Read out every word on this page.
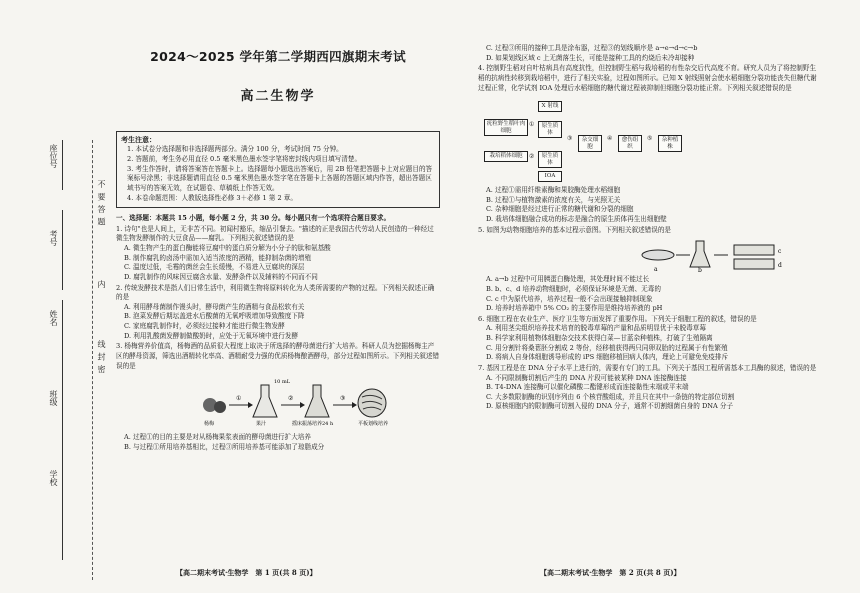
座位号
考号
姓名
班级
学校
不 要 答 题
内
线 封 密
2024～2025 学年第二学期西四旗期末考试
高二生物学
考生注意：
1. 本试卷分选择题和非选择题两部分。满分 100 分，考试时间 75 分钟。
2. 答题前，考生务必用直径 0.5 毫米黑色墨水签字笔将密封线内项目填写清楚。
3. 考生作答时，请将答案答在答题卡上。选择题每小题选出答案后，用 2B 铅笔把答题卡上对应题目的答案标号涂黑；非选择题请用直径 0.5 毫米黑色墨水签字笔在答题卡上各题的答题区域内作答，超出答题区域书写的答案无效，在试题卷、草稿纸上作答无效。
4. 本卷命题范围：人教版选择性必修 3＋必修 1 第 2 章。
一、选择题：本题共 15 小题，每小题 2 分，共 30 分。每小题只有一个选项符合题目要求。
1. 诗句"也是人间上，无非苦不同。初闻村豁乐，缩品引餐去。"描述的正是我国古代劳动人民创造的一种经过微生物发酵制作的大豆食品——腐乳。下列相关叙述错误的是
A. 微生物产生的蛋白酶能将豆腐中的蛋白质分解为小分子的肽和氨基酸
B. 制作腐乳的卤汤中需加入适当浓度的酒精，能抑制杂菌的增殖
C. 温度过低，毛霉的菌丝会生长缓慢，不易进入豆腐块的深层
D. 腐乳制作的风味因豆腐含水量、发酵条件以及辅料的不同而不同
2. 传统发酵技术是指人们日常生活中，利用微生物将原料转化为人类所需要的产物的过程。下列相关叙述正确的是
A. 利用酵母菌制作馒头时，酵母菌产生的酒精与食品松软有关
B. 泡菜发酵后期坛盖进水后酸菌的无氧呼吸增加导致酸度下降
C. 家庭腐乳制作时，必须经过接种才能进行微生物发酵
D. 利用乳酸菌发酵制做酸奶时，应处于无氧环境中进行发酵
3. 杨梅营养价值高，杨梅酒的品质很大程度上取决于所选择的酵母菌进行扩大培养。科研人员为挖掘杨梅主产区的酵母资源，筛选出酒精转化率高、酒精耐受力强的优质杨梅酿酒酵母，部分过程如图所示。下列相关叙述错误的是
①	②	③
杨梅	果汁
10 mL
摇床振荡培养24 h	平板划线培养
A. 过程①的目的主要是对从杨梅果浆表面的酵母菌进行扩大培养
B. 与过程①所用培养基相比，过程③所用培养基可能添加了琼脂成分
【高二期末考试·生物学　第 1 页(共 8 页)】
C. 过程③所用的接种工具是涂布器，过程③的划线顺序是 a→e→d→c→b
D. 如果划线区域 c 上无菌落生长，可能是接种工具的灼烧后未冷却接种
4. 控制野生稻对自叶枯病具有高度抗性，但控制野生稻与栽培稻的有性杂交后代高度不育。研究人员为了将控制野生稻的抗病性转移到栽培稻中，进行了相关实验，过程如图所示。已知 X 射线照射会使水稻细胞分裂功能丧失但糖代谢过程正常，化学试剂 IOA 处理后水稻细胞的糖代谢过程被抑制但细胞分裂功能正常。下列相关叙述错误的是
X 射线
疣粒野生稻叶肉细胞
原生质体
栽培稻体细胞	原生质体
IOA
杂交细胞
愈伤组织
杂种植株
①
②
③	④	⑤
A. 过程①需用纤维素酶和果胶酶处理水稻细胞
B. 过程①与植物激素的浓度有关，与光照无关
C. 杂种细胞是经过进行正常的糖代谢和分裂的细胞
D. 栽培体细胞融合成功的标志是融合的原生质体再生出细胞壁
5. 如图为动物细胞培养的基本过程示意图。下列相关叙述错误的是
a	b
c
d
A. a→b 过程中可用胰蛋白酶处理，其处理时间不能过长
B. b、c、d 培养动物细胞时，必须保证环境是无菌、无毒的
C. c 中为原代培养，培养过程一般不会出现接触抑制现象
D. 培养时培养箱中 5% CO₂ 的主要作用是维持培养液的 pH
6. 细胞工程在农业生产、医疗卫生等方面发挥了重要作用。下列关于细胞工程的叙述，错误的是
A. 利用茎尖组织培养技术培育的脱毒草莓的产量和品质明显优于未脱毒草莓
B. 科学家利用植物体细胞杂交技术获得白菜—甘蓝杂种植株，打破了生殖隔离
C. 用分割针将桑葚胚分割成 2 等份，经移植获得两只同卵双胎的过程属于有性繁殖
D. 将病人自身体细胞诱导形成的 iPS 细胞移植回病人体内，理论上可避免免疫排斥
7. 基因工程是在 DNA 分子水平上进行的，需要有专门的工具。下列关于基因工程所需基本工具酶的叙述，错误的是
A. 不同限制酶切割后产生的 DNA 片段可能被某种 DNA 连接酶连接
B. T4-DNA 连接酶可以催化磷酸二酯键形成而连接黏性末端或平末端
C. 大多数限制酶的识别序列由 6 个核苷酸组成，并且只在其中一条链的特定部位切割
D. 原核细胞内的限制酶可切割入侵的 DNA 分子，通常不切割细菌自身的 DNA 分子
【高二期末考试·生物学　第 2 页(共 8 页)】
